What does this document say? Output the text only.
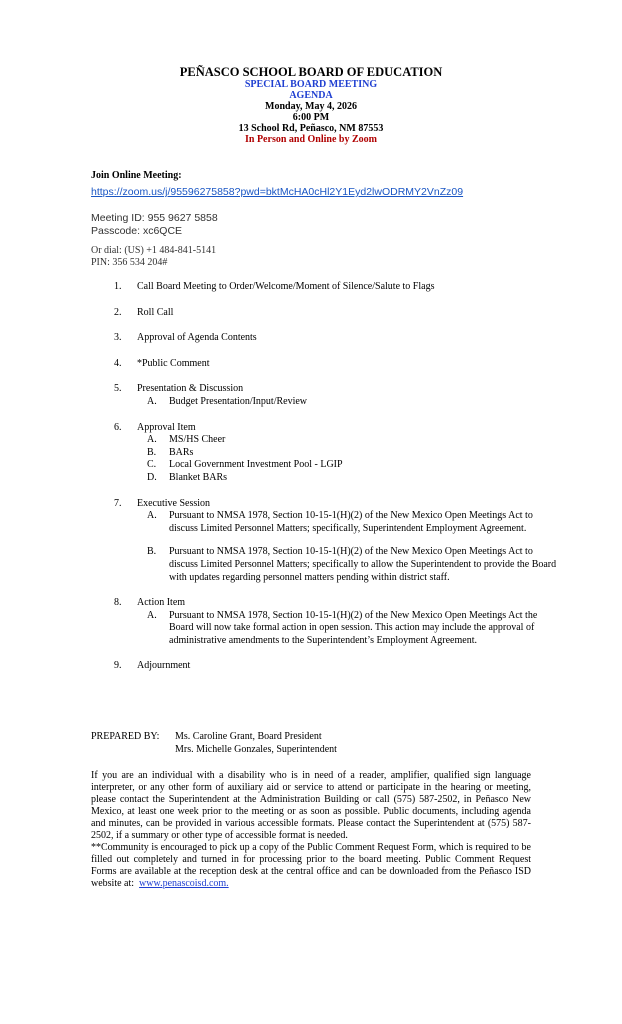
PEÑASCO SCHOOL BOARD OF EDUCATION
SPECIAL BOARD MEETING
AGENDA
Monday, May 4, 2026
6:00 PM
13 School Rd, Peñasco, NM 87553
In Person and Online by Zoom
Join Online Meeting:
https://zoom.us/j/95596275858?pwd=bktMcHA0cHl2Y1Eyd2lwODRMY2VnZz09
Meeting ID: 955 9627 5858
Passcode: xc6QCE
Or dial: (US) +1 484-841-5141
PIN: 356 534 204#
1. Call Board Meeting to Order/Welcome/Moment of Silence/Salute to Flags
2. Roll Call
3. Approval of Agenda Contents
4. *Public Comment
5. Presentation & Discussion
A. Budget Presentation/Input/Review
6. Approval Item
A. MS/HS Cheer
B. BARs
C. Local Government Investment Pool - LGIP
D. Blanket BARs
7. Executive Session
A. Pursuant to NMSA 1978, Section 10-15-1(H)(2) of the New Mexico Open Meetings Act to discuss Limited Personnel Matters; specifically, Superintendent Employment Agreement.
B. Pursuant to NMSA 1978, Section 10-15-1(H)(2) of the New Mexico Open Meetings Act to discuss Limited Personnel Matters; specifically to allow the Superintendent to provide the Board with updates regarding personnel matters pending within district staff.
8. Action Item
A. Pursuant to NMSA 1978, Section 10-15-1(H)(2) of the New Mexico Open Meetings Act the Board will now take formal action in open session. This action may include the approval of administrative amendments to the Superintendent’s Employment Agreement.
9. Adjournment
PREPARED BY: Ms. Caroline Grant, Board President
Mrs. Michelle Gonzales, Superintendent
If you are an individual with a disability who is in need of a reader, amplifier, qualified sign language interpreter, or any other form of auxiliary aid or service to attend or participate in the hearing or meeting, please contact the Superintendent at the Administration Building or call (575) 587-2502, in Peñasco New Mexico, at least one week prior to the meeting or as soon as possible. Public documents, including agenda and minutes, can be provided in various accessible formats. Please contact the Superintendent at (575) 587-2502, if a summary or other type of accessible format is needed.
**Community is encouraged to pick up a copy of the Public Comment Request Form, which is required to be filled out completely and turned in for processing prior to the board meeting. Public Comment Request Forms are available at the reception desk at the central office and can be downloaded from the Peñasco ISD website at: www.penascoisd.com.
